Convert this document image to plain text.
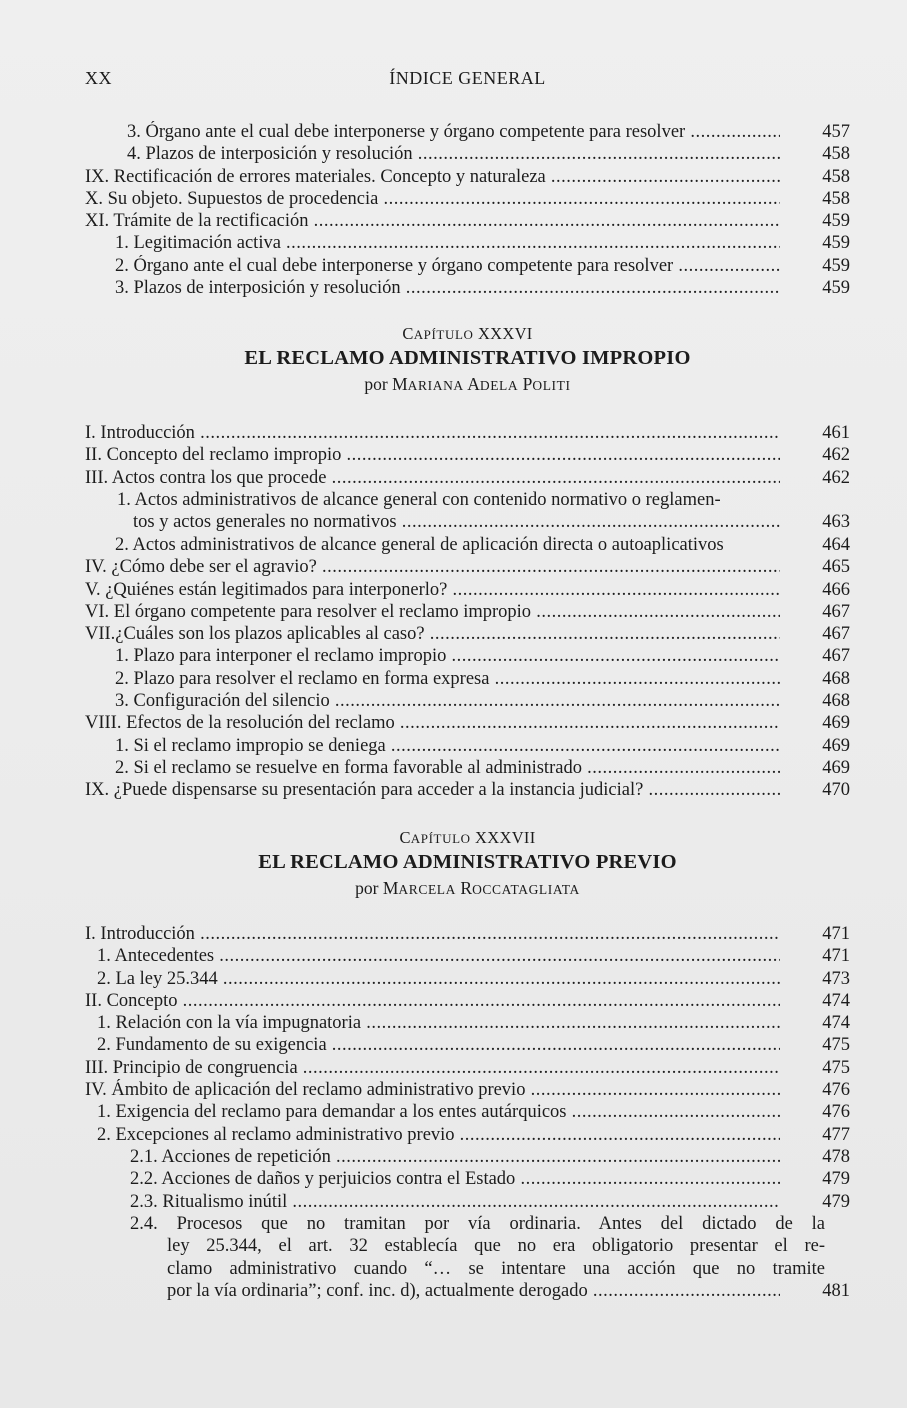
XX	ÍNDICE GENERAL
3. Órgano ante el cual debe interponerse y órgano competente para resolver .....	457
4. Plazos de interposición y resolución .....	458
IX. Rectificación de errores materiales. Concepto y naturaleza .....	458
X. Su objeto. Supuestos de procedencia .....	458
XI. Trámite de la rectificación .....	459
1. Legitimación activa .....	459
2. Órgano ante el cual debe interponerse y órgano competente para resolver .....	459
3. Plazos de interposición y resolución .....	459
CAPÍTULO XXXVI
EL RECLAMO ADMINISTRATIVO IMPROPIO
por MARIANA ADELA POLITI
I. Introducción .....	461
II. Concepto del reclamo impropio .....	462
III. Actos contra los que procede .....	462
1. Actos administrativos de alcance general con contenido normativo o reglamen-
tos y actos generales no normativos .....	463
2. Actos administrativos de alcance general de aplicación directa o autoaplicativos	464
IV. ¿Cómo debe ser el agravio? .....	465
V. ¿Quiénes están legitimados para interponerlo? .....	466
VI. El órgano competente para resolver el reclamo impropio .....	467
VII.¿Cuáles son los plazos aplicables al caso? .....	467
1. Plazo para interponer el reclamo impropio .....	467
2. Plazo para resolver el reclamo en forma expresa .....	468
3. Configuración del silencio .....	468
VIII. Efectos de la resolución del reclamo .....	469
1. Si el reclamo impropio se deniega .....	469
2. Si el reclamo se resuelve en forma favorable al administrado .....	469
IX. ¿Puede dispensarse su presentación para acceder a la instancia judicial? .....	470
CAPÍTULO XXXVII
EL RECLAMO ADMINISTRATIVO PREVIO
por MARCELA ROCCATAGLIATA
I. Introducción .....	471
1. Antecedentes .....	471
2. La ley 25.344 .....	473
II. Concepto .....	474
1. Relación con la vía impugnatoria .....	474
2. Fundamento de su exigencia .....	475
III. Principio de congruencia .....	475
IV. Ámbito de aplicación del reclamo administrativo previo .....	476
1. Exigencia del reclamo para demandar a los entes autárquicos .....	476
2. Excepciones al reclamo administrativo previo .....	477
2.1. Acciones de repetición .....	478
2.2. Acciones de daños y perjuicios contra el Estado .....	479
2.3. Ritualismo inútil .....	479
2.4. Procesos que no tramitan por vía ordinaria. Antes del dictado de la
ley 25.344, el art. 32 establecía que no era obligatorio presentar el re-
clamo administrativo cuando “… se intentare una acción que no tramite
por la vía ordinaria”; conf. inc. d), actualmente derogado .....	481
